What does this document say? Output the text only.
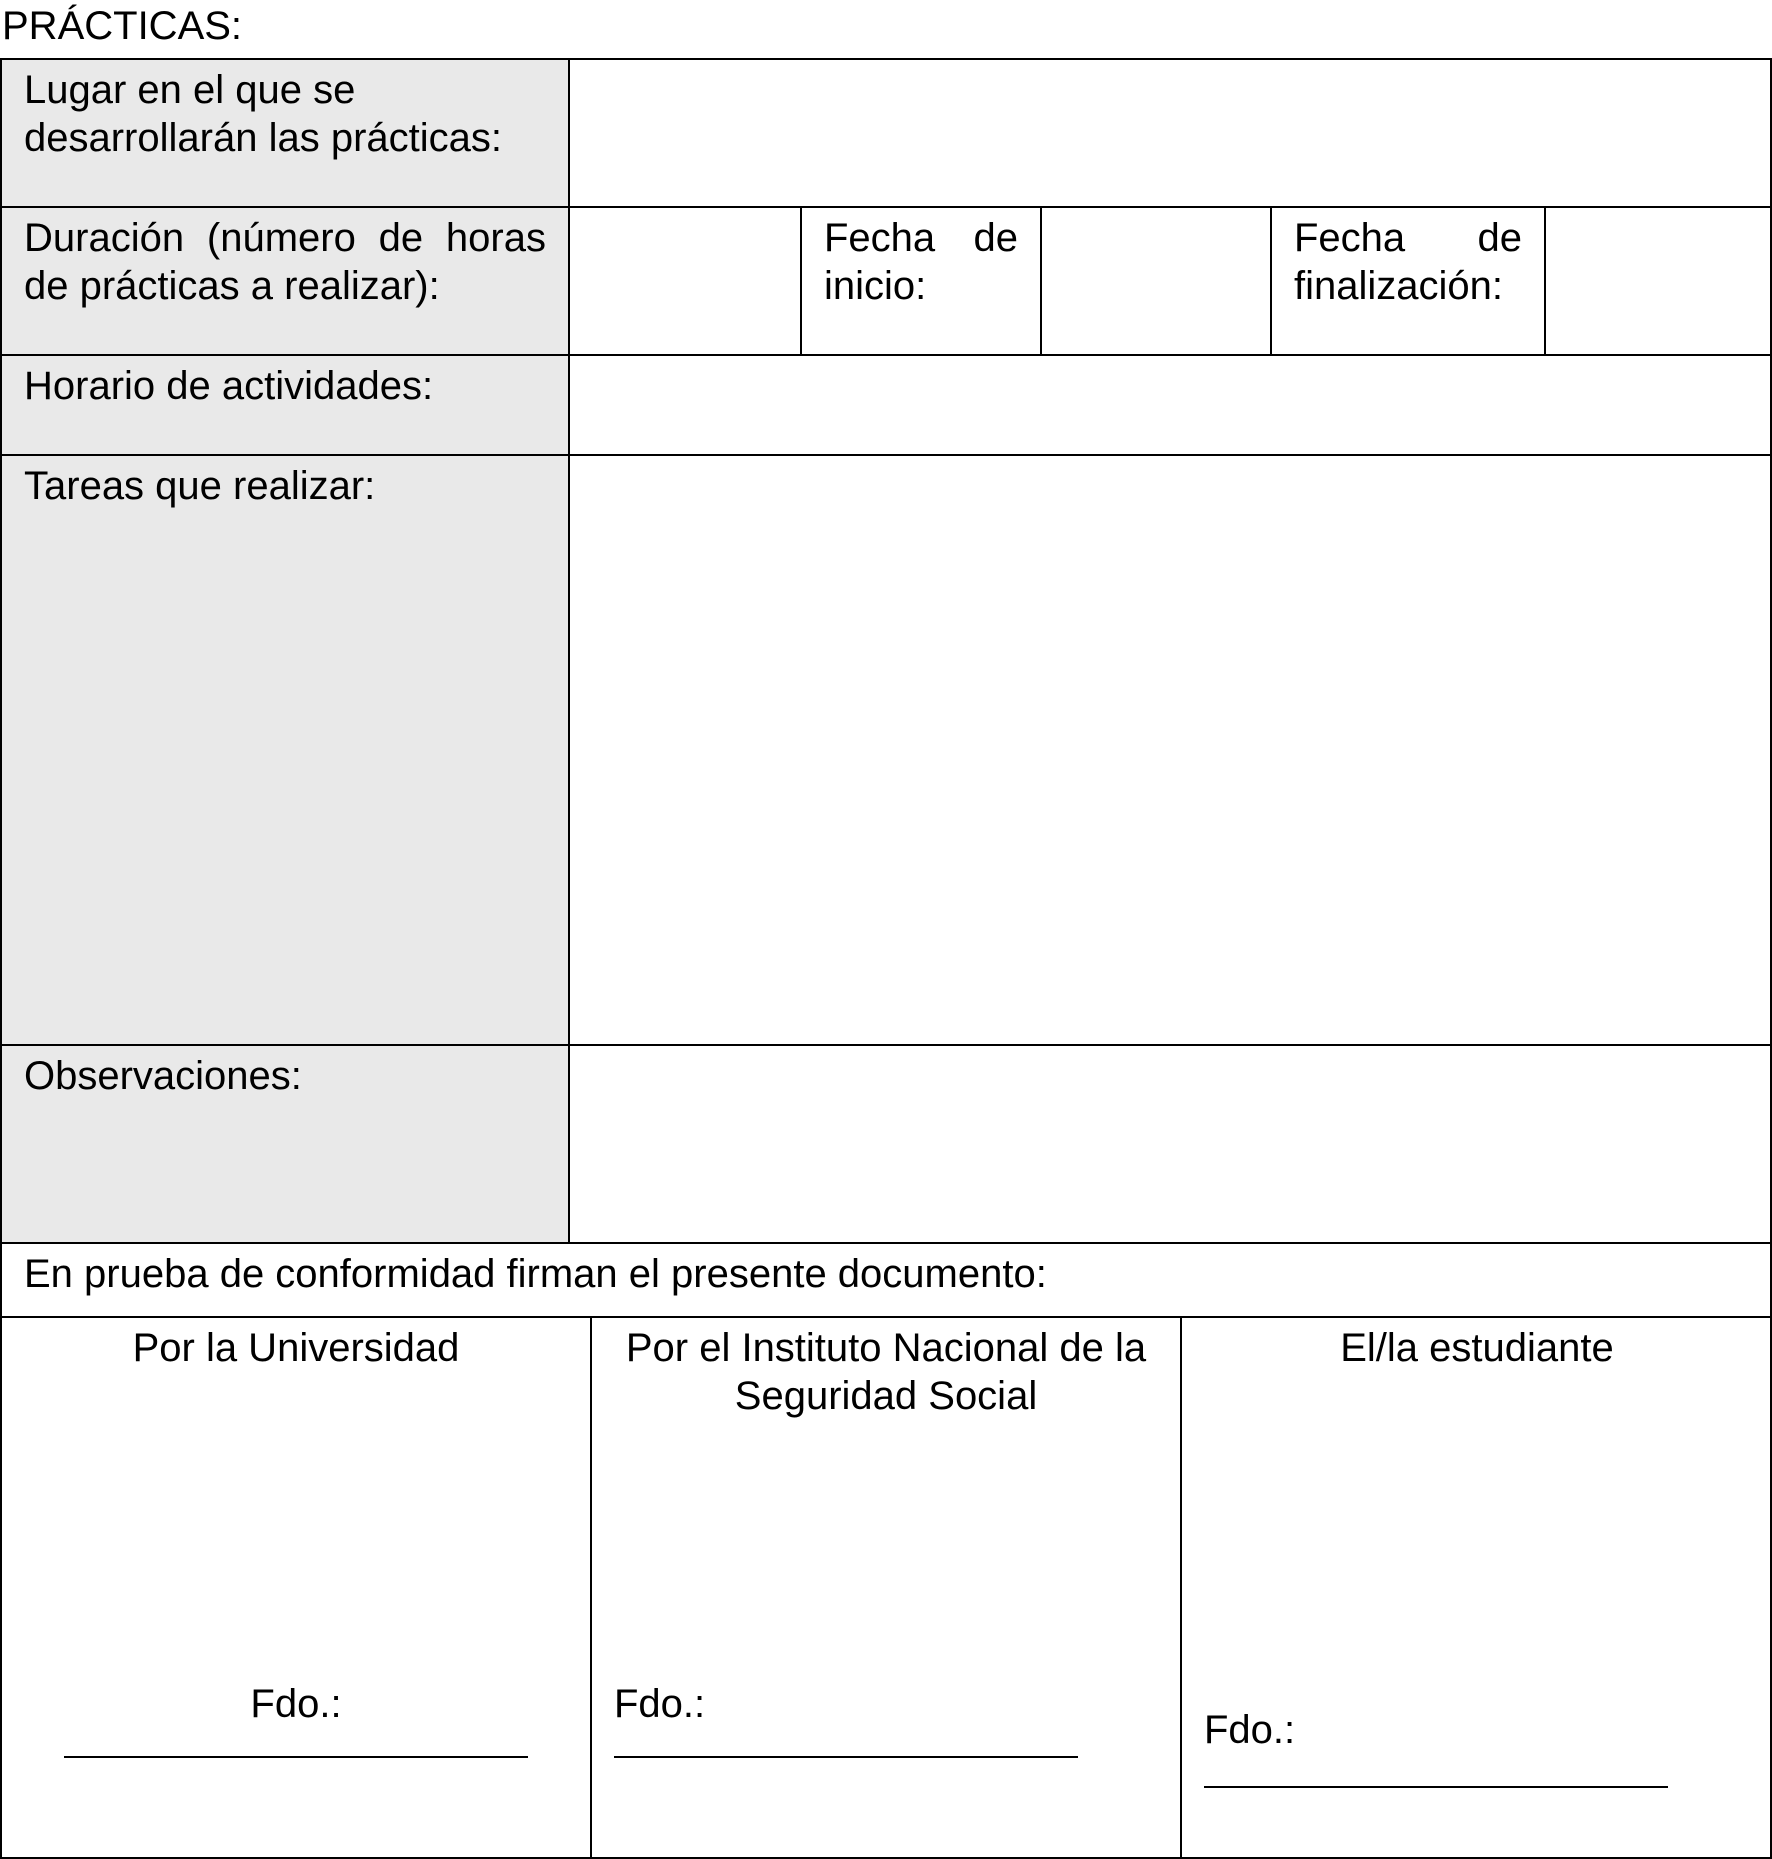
PRÁCTICAS:
Lugar en el que se
desarrollarán las prácticas:
Duración (número de horas
de prácticas a realizar):
Fecha de
inicio:
Fecha de
finalización:
Horario de actividades:
Tareas que realizar:
Observaciones:
En prueba de conformidad firman el presente documento:
Por la Universidad
Fdo.:
Por el Instituto Nacional de la
Seguridad Social
Fdo.:
El/la estudiante
Fdo.:
